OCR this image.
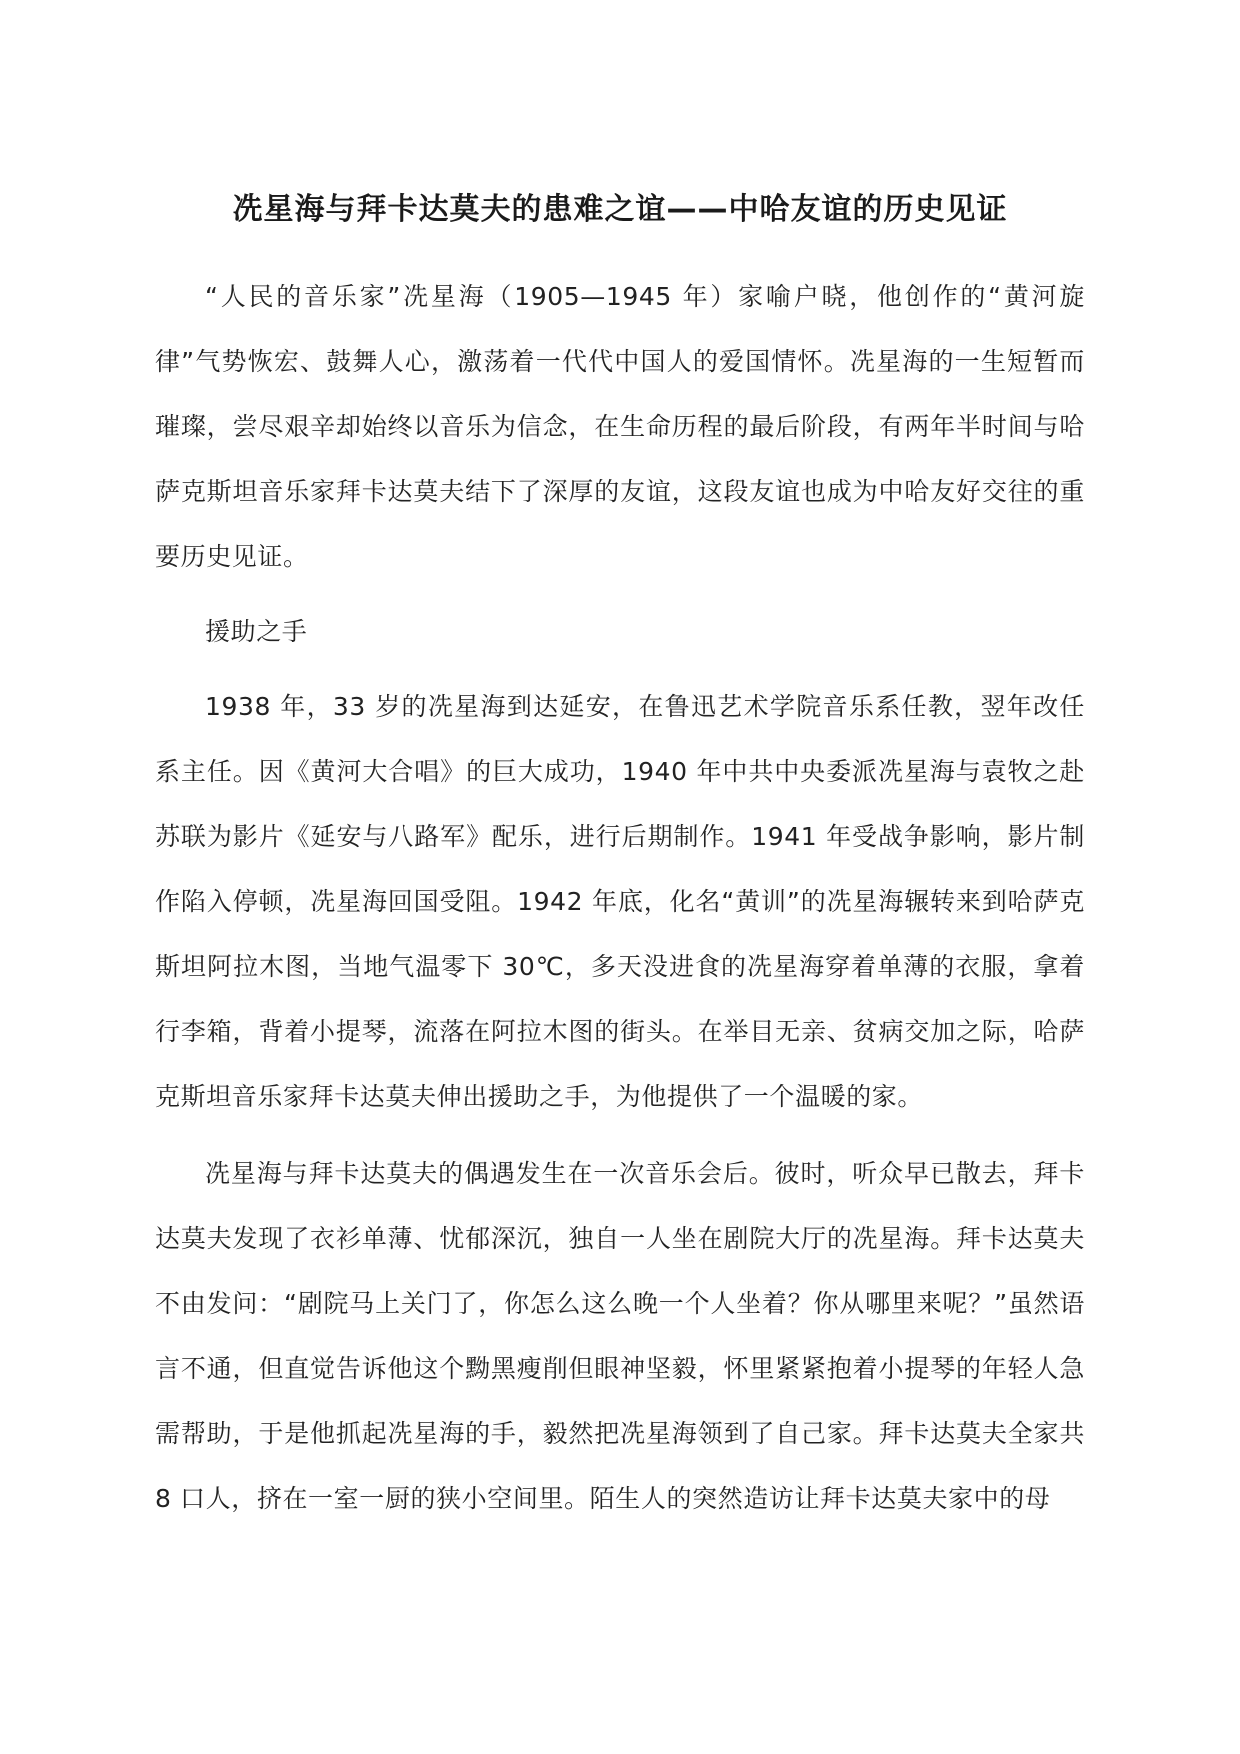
冼星海与拜卡达莫夫的患难之谊——中哈友谊的历史见证

“人民的音乐家”冼星海（1905—1945 年）家喻户晓，他创作的“黄河旋律”气势恢宏、鼓舞人心，激荡着一代代中国人的爱国情怀。冼星海的一生短暂而璀璨，尝尽艰辛却始终以音乐为信念，在生命历程的最后阶段，有两年半时间与哈萨克斯坦音乐家拜卡达莫夫结下了深厚的友谊，这段友谊也成为中哈友好交往的重要历史见证。

援助之手

1938 年，33 岁的冼星海到达延安，在鲁迅艺术学院音乐系任教，翌年改任系主任。因《黄河大合唱》的巨大成功，1940 年中共中央委派冼星海与袁牧之赴苏联为影片《延安与八路军》配乐，进行后期制作。1941 年受战争影响，影片制作陷入停顿，冼星海回国受阻。1942 年底，化名“黄训”的冼星海辗转来到哈萨克斯坦阿拉木图，当地气温零下 30℃，多天没进食的冼星海穿着单薄的衣服，拿着行李箱，背着小提琴，流落在阿拉木图的街头。在举目无亲、贫病交加之际，哈萨克斯坦音乐家拜卡达莫夫伸出援助之手，为他提供了一个温暖的家。

冼星海与拜卡达莫夫的偶遇发生在一次音乐会后。彼时，听众早已散去，拜卡达莫夫发现了衣衫单薄、忧郁深沉，独自一人坐在剧院大厅的冼星海。拜卡达莫夫不由发问：“剧院马上关门了，你怎么这么晚一个人坐着？你从哪里来呢？”虽然语言不通，但直觉告诉他这个黝黑瘦削但眼神坚毅，怀里紧紧抱着小提琴的年轻人急需帮助，于是他抓起冼星海的手，毅然把冼星海领到了自己家。拜卡达莫夫全家共 8 口人，挤在一室一厨的狭小空间里。陌生人的突然造访让拜卡达莫夫家中的母
